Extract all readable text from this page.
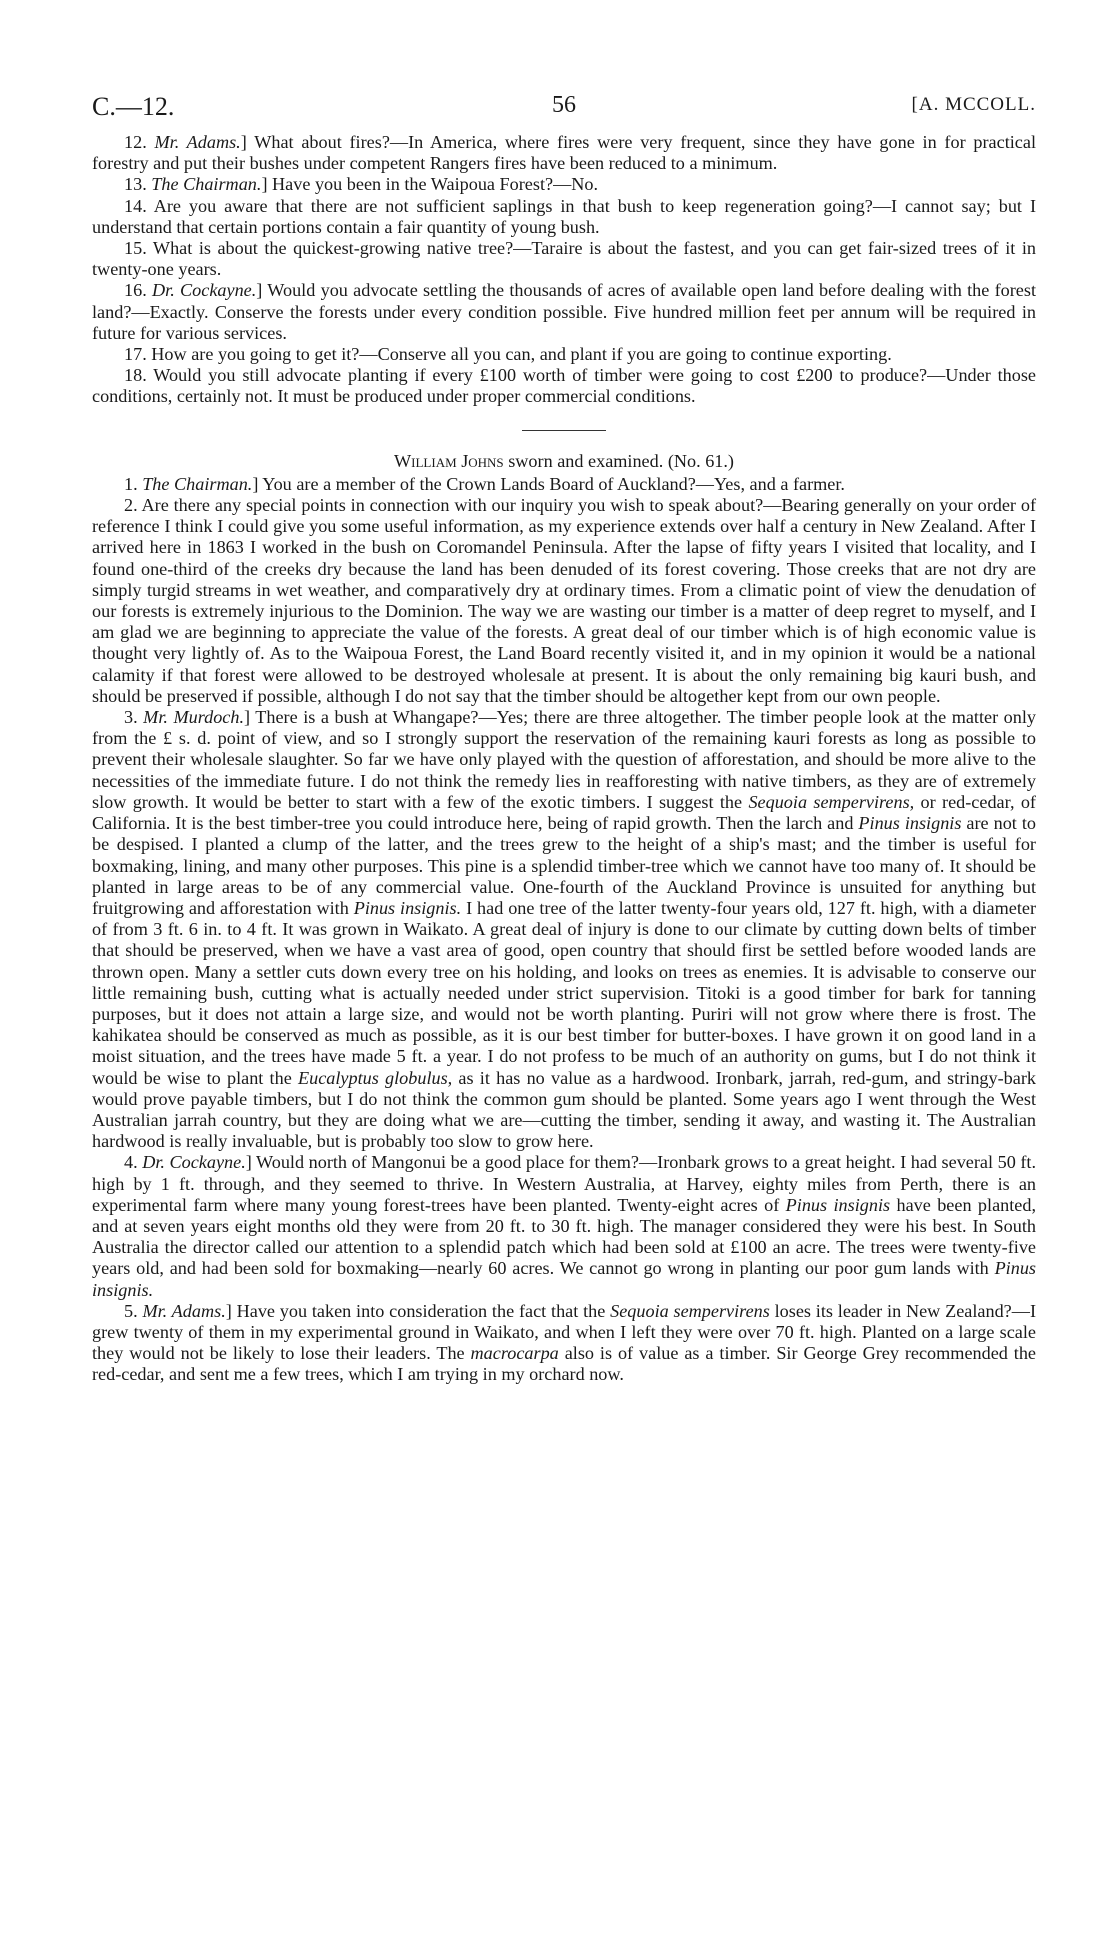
C.—12.	56	[A. MCCOLL.

12. Mr. Adams.] What about fires?—In America, where fires were very frequent, since they have gone in for practical forestry and put their bushes under competent Rangers fires have been reduced to a minimum.

13. The Chairman.] Have you been in the Waipoua Forest?—No.

14. Are you aware that there are not sufficient saplings in that bush to keep regeneration going?—I cannot say; but I understand that certain portions contain a fair quantity of young bush.

15. What is about the quickest-growing native tree?—Taraire is about the fastest, and you can get fair-sized trees of it in twenty-one years.

16. Dr. Cockayne.] Would you advocate settling the thousands of acres of available open land before dealing with the forest land?—Exactly. Conserve the forests under every condition possible. Five hundred million feet per annum will be required in future for various services.

17. How are you going to get it?—Conserve all you can, and plant if you are going to continue exporting.

18. Would you still advocate planting if every £100 worth of timber were going to cost £200 to produce?—Under those conditions, certainly not. It must be produced under proper commercial conditions.

William Johns sworn and examined. (No. 61.)

1. The Chairman.] You are a member of the Crown Lands Board of Auckland?—Yes, and a farmer.

2. Are there any special points in connection with our inquiry you wish to speak about?—Bearing generally on your order of reference I think I could give you some useful information, as my experience extends over half a century in New Zealand. After I arrived here in 1863 I worked in the bush on Coromandel Peninsula. After the lapse of fifty years I visited that locality, and I found one-third of the creeks dry because the land has been denuded of its forest covering. Those creeks that are not dry are simply turgid streams in wet weather, and comparatively dry at ordinary times. From a climatic point of view the denudation of our forests is extremely injurious to the Dominion. The way we are wasting our timber is a matter of deep regret to myself, and I am glad we are beginning to appreciate the value of the forests. A great deal of our timber which is of high economic value is thought very lightly of. As to the Waipoua Forest, the Land Board recently visited it, and in my opinion it would be a national calamity if that forest were allowed to be destroyed wholesale at present. It is about the only remaining big kauri bush, and should be preserved if possible, although I do not say that the timber should be altogether kept from our own people.

3. Mr. Murdoch.] There is a bush at Whangape?—Yes; there are three altogether. The timber people look at the matter only from the £ s. d. point of view, and so I strongly support the reservation of the remaining kauri forests as long as possible to prevent their wholesale slaughter. So far we have only played with the question of afforestation, and should be more alive to the necessities of the immediate future. I do not think the remedy lies in reafforesting with native timbers, as they are of extremely slow growth. It would be better to start with a few of the exotic timbers. I suggest the Sequoia sempervirens, or red-cedar, of California. It is the best timber-tree you could introduce here, being of rapid growth. Then the larch and Pinus insignis are not to be despised. I planted a clump of the latter, and the trees grew to the height of a ship's mast; and the timber is useful for boxmaking, lining, and many other purposes. This pine is a splendid timber-tree which we cannot have too many of. It should be planted in large areas to be of any commercial value. One-fourth of the Auckland Province is unsuited for anything but fruitgrowing and afforestation with Pinus insignis. I had one tree of the latter twenty-four years old, 127 ft. high, with a diameter of from 3 ft. 6 in. to 4 ft. It was grown in Waikato. A great deal of injury is done to our climate by cutting down belts of timber that should be preserved, when we have a vast area of good, open country that should first be settled before wooded lands are thrown open. Many a settler cuts down every tree on his holding, and looks on trees as enemies. It is advisable to conserve our little remaining bush, cutting what is actually needed under strict supervision. Titoki is a good timber for bark for tanning purposes, but it does not attain a large size, and would not be worth planting. Puriri will not grow where there is frost. The kahikatea should be conserved as much as possible, as it is our best timber for butter-boxes. I have grown it on good land in a moist situation, and the trees have made 5 ft. a year. I do not profess to be much of an authority on gums, but I do not think it would be wise to plant the Eucalyptus globulus, as it has no value as a hardwood. Ironbark, jarrah, red-gum, and stringy-bark would prove payable timbers, but I do not think the common gum should be planted. Some years ago I went through the West Australian jarrah country, but they are doing what we are—cutting the timber, sending it away, and wasting it. The Australian hardwood is really invaluable, but is probably too slow to grow here.

4. Dr. Cockayne.] Would north of Mangonui be a good place for them?—Ironbark grows to a great height. I had several 50 ft. high by 1 ft. through, and they seemed to thrive. In Western Australia, at Harvey, eighty miles from Perth, there is an experimental farm where many young forest-trees have been planted. Twenty-eight acres of Pinus insignis have been planted, and at seven years eight months old they were from 20 ft. to 30 ft. high. The manager considered they were his best. In South Australia the director called our attention to a splendid patch which had been sold at £100 an acre. The trees were twenty-five years old, and had been sold for boxmaking—nearly 60 acres. We cannot go wrong in planting our poor gum lands with Pinus insignis.

5. Mr. Adams.] Have you taken into consideration the fact that the Sequoia sempervirens loses its leader in New Zealand?—I grew twenty of them in my experimental ground in Waikato, and when I left they were over 70 ft. high. Planted on a large scale they would not be likely to lose their leaders. The macrocarpa also is of value as a timber. Sir George Grey recommended the red-cedar, and sent me a few trees, which I am trying in my orchard now.
